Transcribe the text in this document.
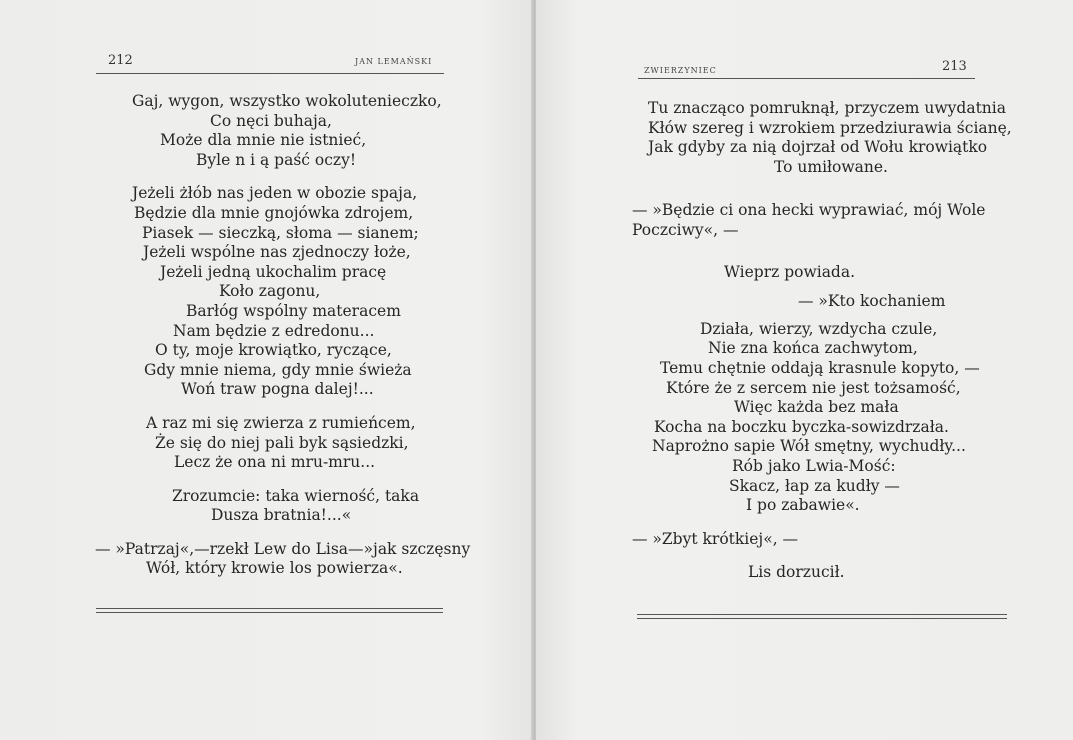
212	JAN LEMAŃSKI
Gaj, wygon, wszystko wokolutenieczko,
Co nęci buhaja,
Może dla mnie nie istnieć,
Byle n i ą paść oczy!
Jeżeli żłób nas jeden w obozie spaja,
Będzie dla mnie gnojówka zdrojem,
Piasek — sieczką, słoma — sianem;
Jeżeli wspólne nas zjednoczy łoże,
Jeżeli jedną ukochalim pracę
Koło zagonu,
Barłóg wspólny materacem
Nam będzie z edredonu...
O ty, moje krowiątko, ryczące,
Gdy mnie niema, gdy mnie świeża
Woń traw pogna dalej!...
A raz mi się zwierza z rumieńcem,
Że się do niej pali byk sąsiedzki,
Lecz że ona ni mru-mru...
Zrozumcie: taka wierność, taka
Dusza bratnia!...«
— »Patrzaj«,—rzekł Lew do Lisa—»jak szczęsny
Wół, który krowie los powierza«.
ZWIERZYNIEC	213
Tu znacząco pomruknął, przyczem uwydatnia
Kłów szereg i wzrokiem przedziurawia ścianę,
Jak gdyby za nią dojrzał od Wołu krowiątko
To umiłowane.
— »Będzie ci ona hecki wyprawiać, mój Wole
Poczciwy«, —
Wieprz powiada.
— »Kto kochaniem
Działa, wierzy, wzdycha czule,
Nie zna końca zachwytom,
Temu chętnie oddają krasnule kopyto, —
Które że z sercem nie jest tożsamość,
Więc każda bez mała
Kocha na boczku byczka-sowizdrzała.
Naprożno sapie Wół smętny, wychudły...
Rób jako Lwia-Mość:
Skacz, łap za kudły —
I po zabawie«.
— »Zbyt krótkiej«, —
Lis dorzucił.
